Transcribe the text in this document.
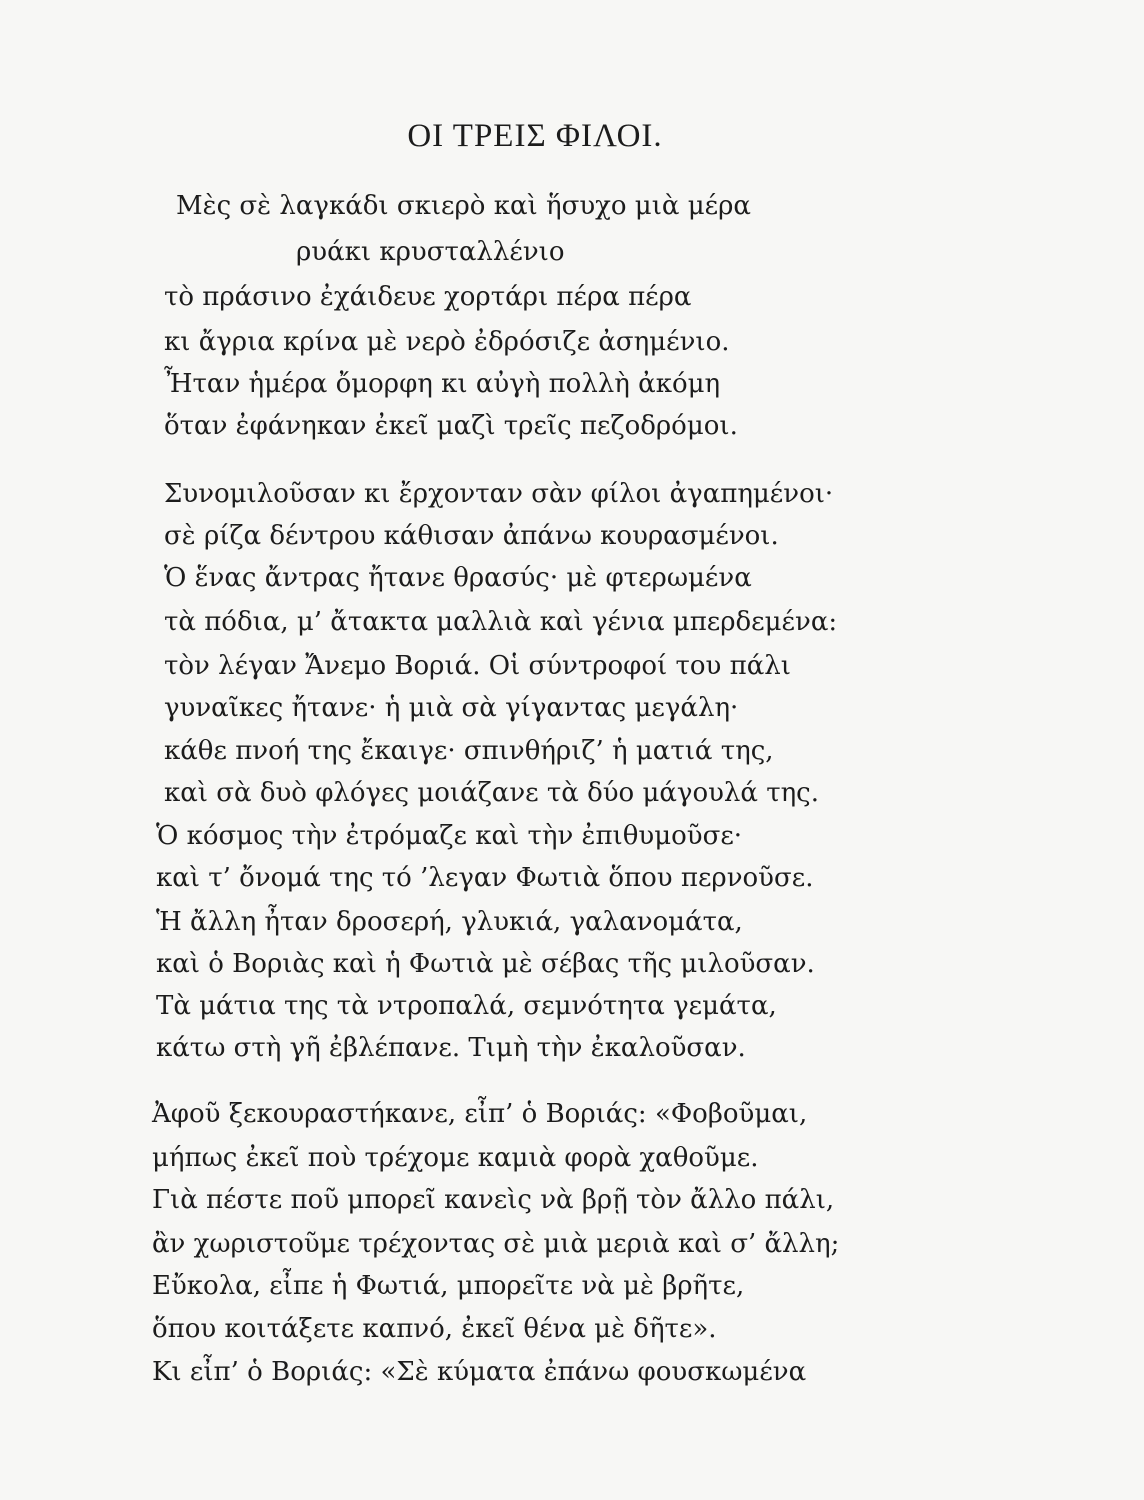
ΟΙ ΤΡΕΙΣ ΦΙΛΟΙ.
Μὲς σὲ λαγκάδι σκιερὸ καὶ ἥσυχο μιὰ μέρα
ρυάκι κρυσταλλένιο
τὸ πράσινο ἐχάιδευε χορτάρι πέρα πέρα
κι ἄγρια κρίνα μὲ νερὸ ἐδρόσιζε ἀσημένιο.
Ἦταν ἡμέρα ὄμορφη κι αὐγὴ πολλὴ ἀκόμη
ὅταν ἐφάνηκαν ἐκεῖ μαζὶ τρεῖς πεζοδρόμοι.
Συνομιλοῦσαν κι ἔρχονταν σὰν φίλοι ἀγαπημένοι·
σὲ ρίζα δέντρου κάθισαν ἀπάνω κουρασμένοι.
Ὁ ἕνας ἄντρας ἤτανε θρασύς· μὲ φτερωμένα
τὰ πόδια, μ’ ἄτακτα μαλλιὰ καὶ γένια μπερδεμένα:
τὸν λέγαν Ἄνεμο Βοριά. Οἱ σύντροφοί του πάλι
γυναῖκες ἤτανε· ἡ μιὰ σὰ γίγαντας μεγάλη·
κάθε πνοή της ἔκαιγε· σπινθήριζ’ ἡ ματιά της,
καὶ σὰ δυὸ φλόγες μοιάζανε τὰ δύο μάγουλά της.
Ὁ κόσμος τὴν ἐτρόμαζε καὶ τὴν ἐπιθυμοῦσε·
καὶ τ’ ὄνομά της τό ’λεγαν Φωτιὰ ὅπου περνοῦσε.
Ἡ ἄλλη ἦταν δροσερή, γλυκιά, γαλανομάτα,
καὶ ὁ Βοριὰς καὶ ἡ Φωτιὰ μὲ σέβας τῆς μιλοῦσαν.
Τὰ μάτια της τὰ ντροπαλά, σεμνότητα γεμάτα,
κάτω στὴ γῆ ἐβλέπανε. Τιμὴ τὴν ἐκαλοῦσαν.
Ἀφοῦ ξεκουραστήκανε, εἶπ’ ὁ Βοριάς: «Φοβοῦμαι,
μήπως ἐκεῖ ποὺ τρέχομε καμιὰ φορὰ χαθοῦμε.
Γιὰ πέστε ποῦ μπορεῖ κανεὶς νὰ βρῇ τὸν ἄλλο πάλι,
ἂν χωριστοῦμε τρέχοντας σὲ μιὰ μεριὰ καὶ σ’ ἄλλη;
Εὔκολα, εἶπε ἡ Φωτιά, μπορεῖτε νὰ μὲ βρῆτε,
ὅπου κοιτάξετε καπνό, ἐκεῖ θένα μὲ δῆτε».
Κι εἶπ’ ὁ Βοριάς: «Σὲ κύματα ἐπάνω φουσκωμένα
